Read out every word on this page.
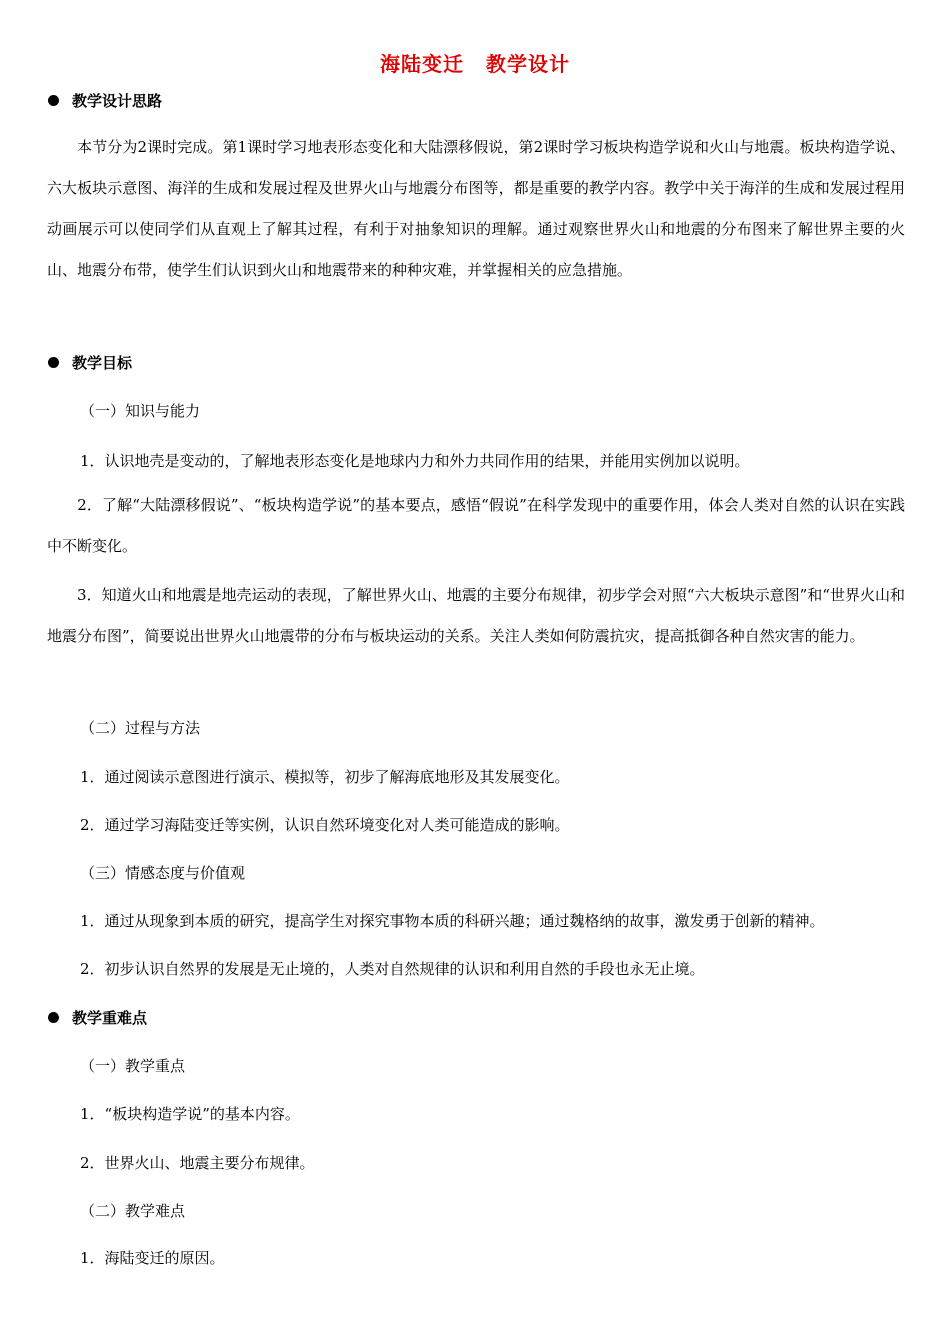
海陆变迁 教学设计
教学设计思路
　　本节分为2课时完成。第1课时学习地表形态变化和大陆漂移假说，第2课时学习板块构造学说和火山与地震。板块构造学说、六大板块示意图、海洋的生成和发展过程及世界火山与地震分布图等，都是重要的教学内容。教学中关于海洋的生成和发展过程用动画展示可以使同学们从直观上了解其过程，有利于对抽象知识的理解。通过观察世界火山和地震的分布图来了解世界主要的火山、地震分布带，使学生们认识到火山和地震带来的种种灾难，并掌握相关的应急措施。
教学目标
（一）知识与能力
1．认识地壳是变动的，了解地表形态变化是地球内力和外力共同作用的结果，并能用实例加以说明。
　　2．了解“大陆漂移假说”、“板块构造学说”的基本要点，感悟“假说”在科学发现中的重要作用，体会人类对自然的认识在实践中不断变化。
　　3．知道火山和地震是地壳运动的表现，了解世界火山、地震的主要分布规律，初步学会对照“六大板块示意图”和“世界火山和地震分布图”，简要说出世界火山地震带的分布与板块运动的关系。关注人类如何防震抗灾，提高抵御各种自然灾害的能力。
（二）过程与方法
1．通过阅读示意图进行演示、模拟等，初步了解海底地形及其发展变化。
2．通过学习海陆变迁等实例，认识自然环境变化对人类可能造成的影响。
（三）情感态度与价值观
1．通过从现象到本质的研究，提高学生对探究事物本质的科研兴趣；通过魏格纳的故事，激发勇于创新的精神。
2．初步认识自然界的发展是无止境的，人类对自然规律的认识和利用自然的手段也永无止境。
教学重难点
（一）教学重点
1．“板块构造学说”的基本内容。
2．世界火山、地震主要分布规律。
（二）教学难点
1．海陆变迁的原因。
